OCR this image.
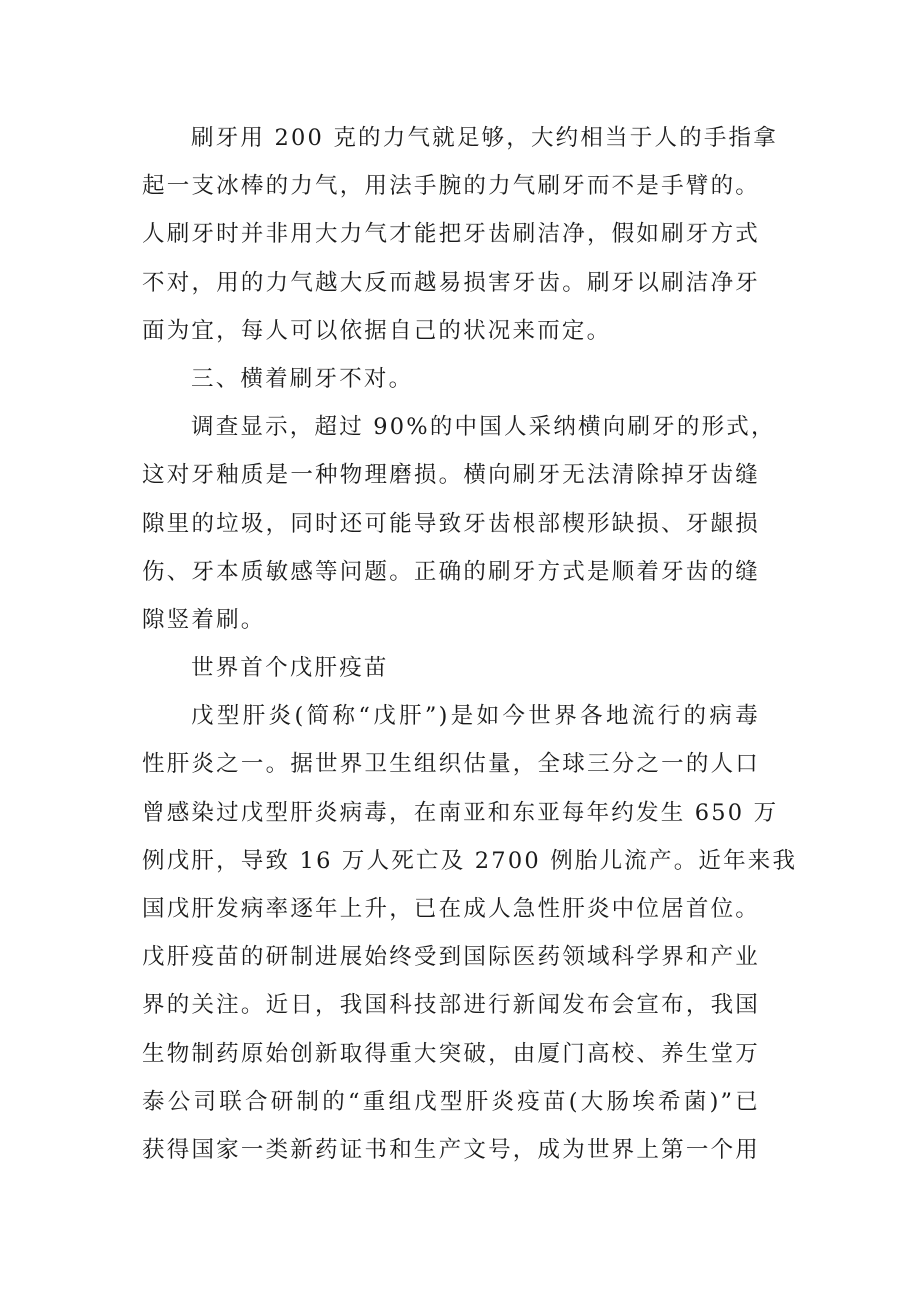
刷牙用 200 克的力气就足够，大约相当于人的手指拿
起一支冰棒的力气，用法手腕的力气刷牙而不是手臂的。
人刷牙时并非用大力气才能把牙齿刷洁净，假如刷牙方式
不对，用的力气越大反而越易损害牙齿。刷牙以刷洁净牙
面为宜，每人可以依据自己的状况来而定。
三、横着刷牙不对。
调查显示，超过 90%的中国人采纳横向刷牙的形式，
这对牙釉质是一种物理磨损。横向刷牙无法清除掉牙齿缝
隙里的垃圾，同时还可能导致牙齿根部楔形缺损、牙龈损
伤、牙本质敏感等问题。正确的刷牙方式是顺着牙齿的缝
隙竖着刷。
世界首个戊肝疫苗
戊型肝炎(简称“戊肝”)是如今世界各地流行的病毒
性肝炎之一。据世界卫生组织估量，全球三分之一的人口
曾感染过戊型肝炎病毒，在南亚和东亚每年约发生 650 万
例戊肝，导致 16 万人死亡及 2700 例胎儿流产。近年来我
国戊肝发病率逐年上升，已在成人急性肝炎中位居首位。
戊肝疫苗的研制进展始终受到国际医药领域科学界和产业
界的关注。近日，我国科技部进行新闻发布会宣布，我国
生物制药原始创新取得重大突破，由厦门高校、养生堂万
泰公司联合研制的“重组戊型肝炎疫苗(大肠埃希菌)”已
获得国家一类新药证书和生产文号，成为世界上第一个用
